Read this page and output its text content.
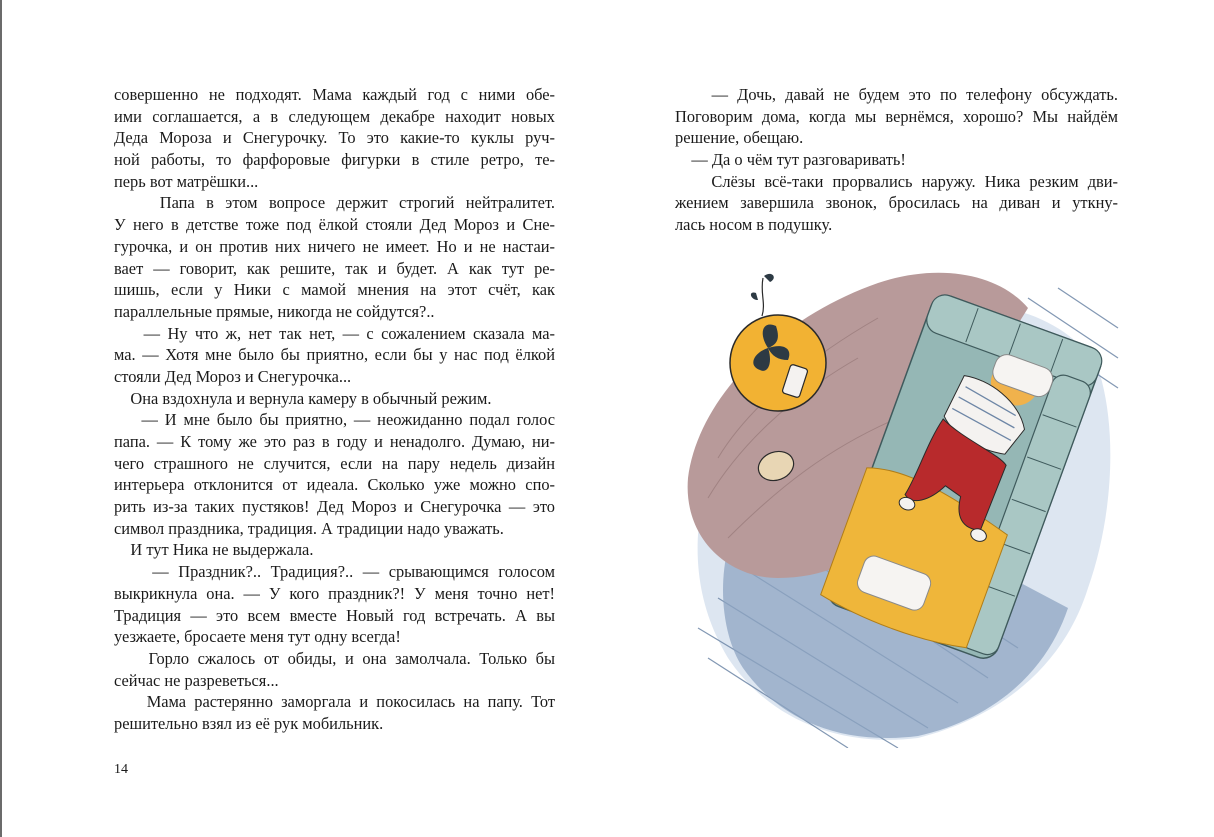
совершенно не подходят. Мама каждый год с ними обе-
ими соглашается, а в следующем декабре находит новых
Деда Мороза и Снегурочку. То это какие-то куклы руч-
ной работы, то фарфоровые фигурки в стиле ретро, те-
перь вот матрёшки...
Папа в этом вопросе держит строгий нейтралитет.
У него в детстве тоже под ёлкой стояли Дед Мороз и Сне-
гурочка, и он против них ничего не имеет. Но и не настаи-
вает — говорит, как решите, так и будет. А как тут ре-
шишь, если у Ники с мамой мнения на этот счёт, как
параллельные прямые, никогда не сойдутся?..
— Ну что ж, нет так нет, — с сожалением сказала ма-
ма. — Хотя мне было бы приятно, если бы у нас под ёлкой
стояли Дед Мороз и Снегурочка...
Она вздохнула и вернула камеру в обычный режим.
— И мне было бы приятно, — неожиданно подал голос
папа. — К тому же это раз в году и ненадолго. Думаю, ни-
чего страшного не случится, если на пару недель дизайн
интерьера отклонится от идеала. Сколько уже можно спо-
рить из-за таких пустяков! Дед Мороз и Снегурочка — это
символ праздника, традиция. А традиции надо уважать.
И тут Ника не выдержала.
— Праздник?.. Традиция?.. — срывающимся голосом
выкрикнула она. — У кого праздник?! У меня точно нет!
Традиция — это всем вместе Новый год встречать. А вы
уезжаете, бросаете меня тут одну всегда!
Горло сжалось от обиды, и она замолчала. Только бы
сейчас не разреветься...
Мама растерянно заморгала и покосилась на папу. Тот
решительно взял из её рук мобильник.
14
— Дочь, давай не будем это по телефону обсуждать.
Поговорим дома, когда мы вернёмся, хорошо? Мы найдём
решение, обещаю.
— Да о чём тут разговаривать!
Слёзы всё-таки прорвались наружу. Ника резким дви-
жением завершила звонок, бросилась на диван и уткну-
лась носом в подушку.
